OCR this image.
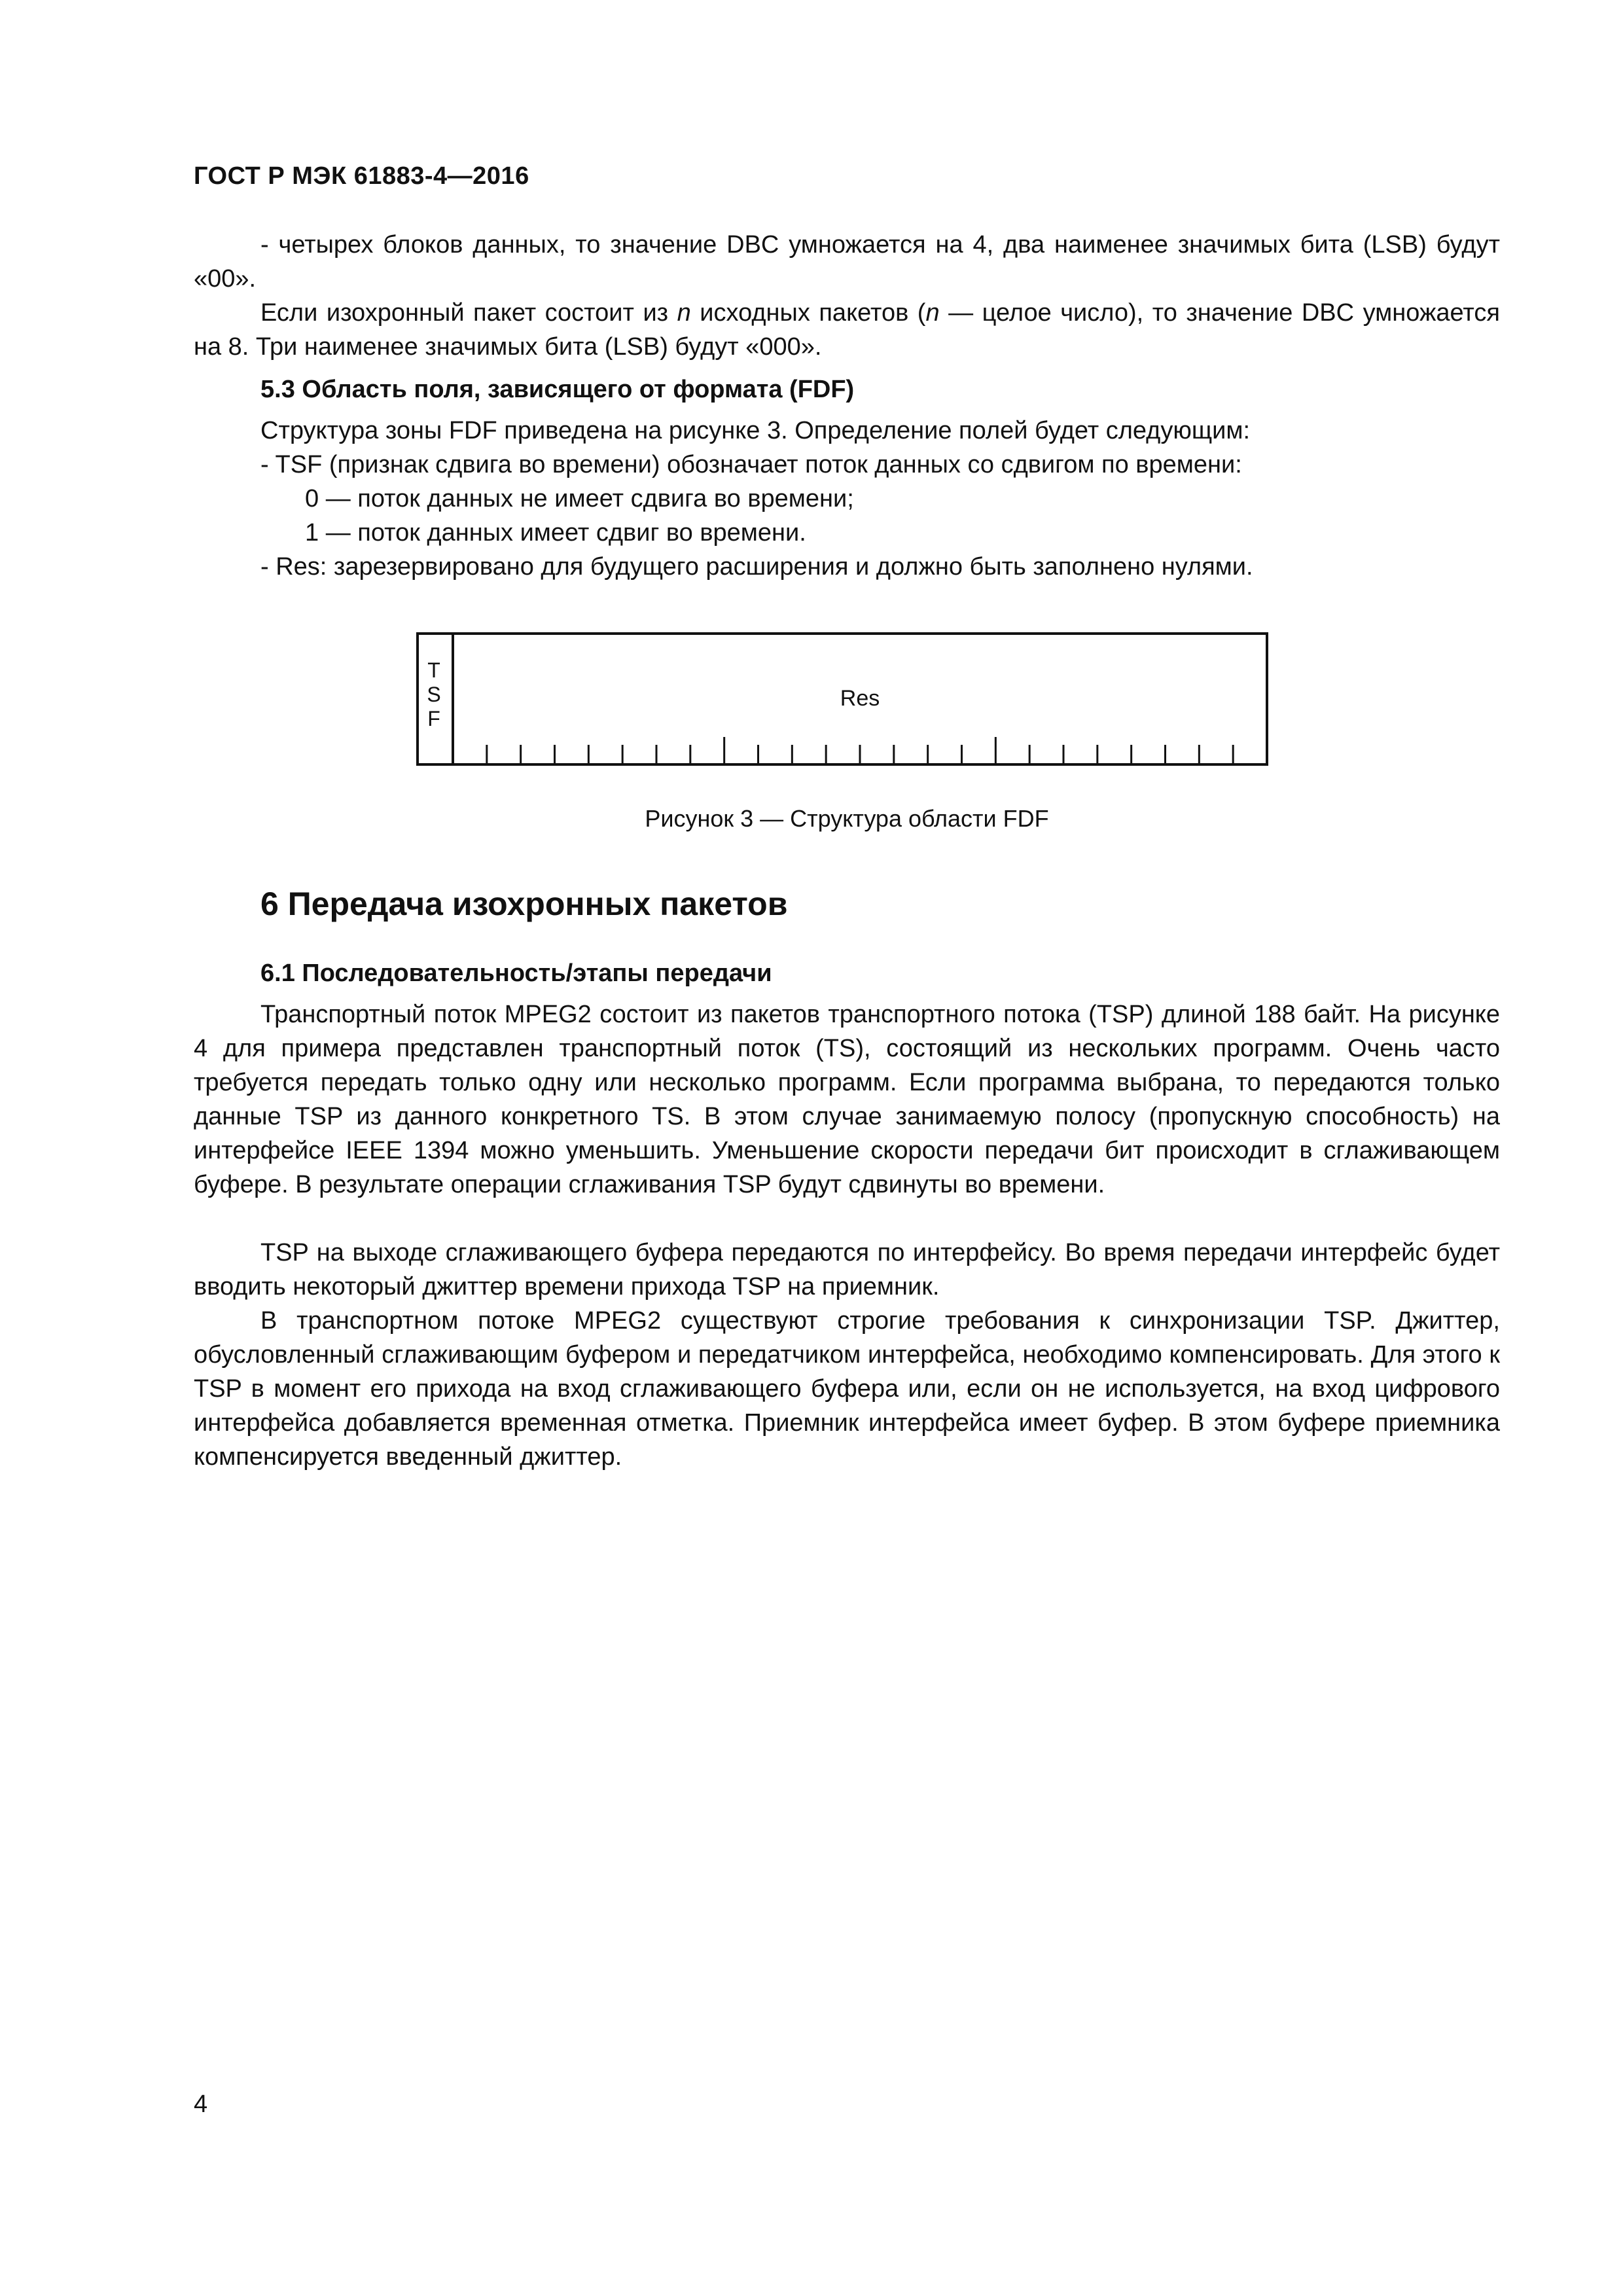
ГОСТ Р МЭК 61883-4—2016

- четырех блоков данных, то значение DBC умножается на 4, два наименее значимых бита (LSB) будут «00».

Если изохронный пакет состоит из n исходных пакетов (n — целое число), то значение DBC умножается на 8. Три наименее значимых бита (LSB) будут «000».

5.3 Область поля, зависящего от формата (FDF)
Структура зоны FDF приведена на рисунке 3. Определение полей будет следующим:
- TSF (признак сдвига во времени) обозначает поток данных со сдвигом по времени:
0 — поток данных не имеет сдвига во времени;
1 — поток данных имеет сдвиг во времени.
- Res: зарезервировано для будущего расширения и должно быть заполнено нулями.
T
S
F
Res
Рисунок 3 — Структура области FDF
6 Передача изохронных пакетов
6.1 Последовательность/этапы передачи

Транспортный поток MPEG2 состоит из пакетов транспортного потока (TSP) длиной 188 байт. На рисунке 4 для примера представлен транспортный поток (TS), состоящий из нескольких программ. Очень часто требуется передать только одну или несколько программ. Если программа выбрана, то передаются только данные TSP из данного конкретного TS. В этом случае занимаемую полосу (пропускную способность) на интерфейсе IEEE 1394 можно уменьшить. Уменьшение скорости передачи бит происходит в сглаживающем буфере. В результате операции сглаживания TSP будут сдвинуты во времени.

TSP на выходе сглаживающего буфера передаются по интерфейсу. Во время передачи интерфейс будет вводить некоторый джиттер времени прихода TSP на приемник.

В транспортном потоке MPEG2 существуют строгие требования к синхронизации TSP. Джиттер, обусловленный сглаживающим буфером и передатчиком интерфейса, необходимо компенсировать. Для этого к TSP в момент его прихода на вход сглаживающего буфера или, если он не используется, на вход цифрового интерфейса добавляется временная отметка. Приемник интерфейса имеет буфер. В этом буфере приемника компенсируется введенный джиттер.

4
